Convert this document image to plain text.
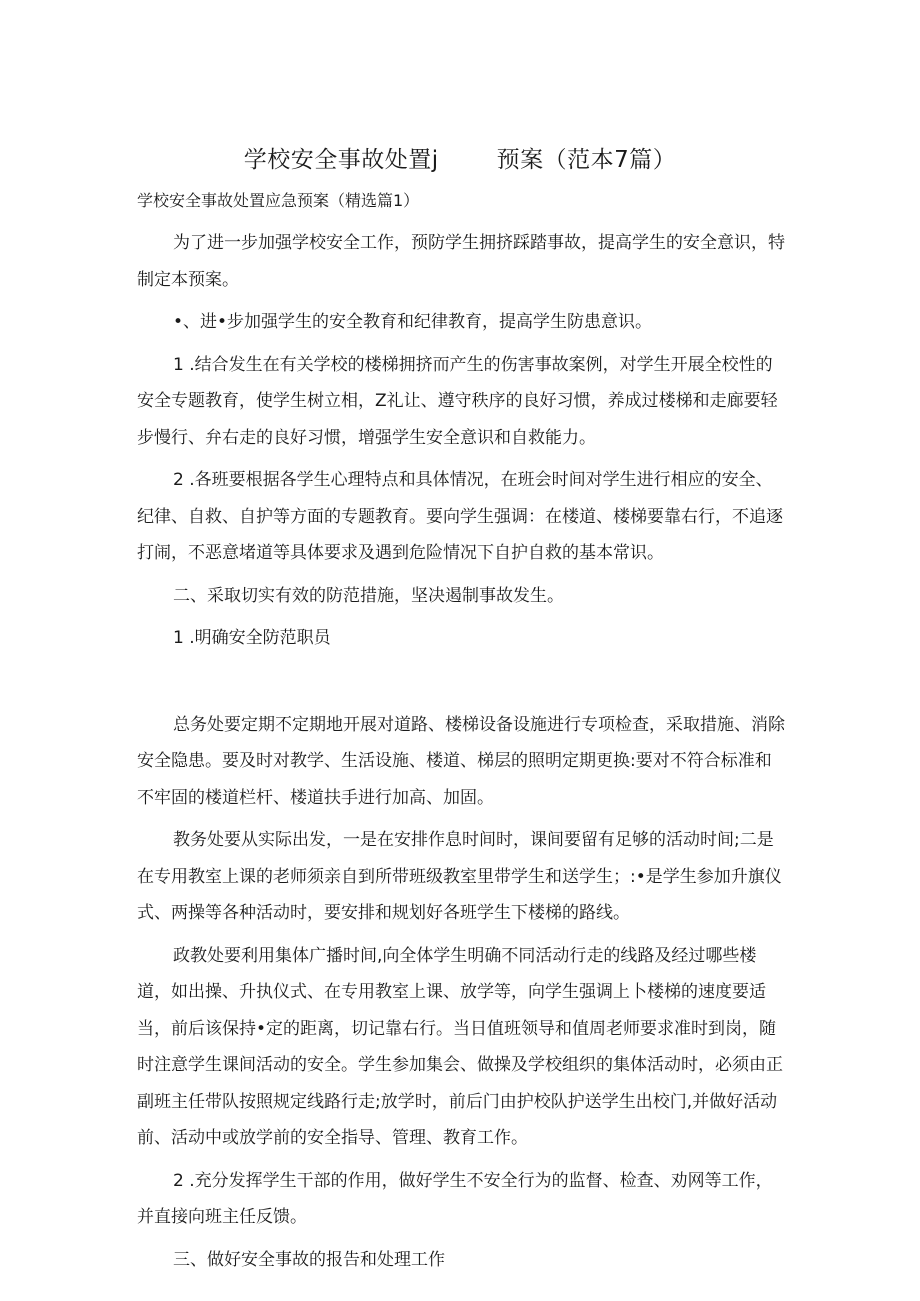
学校安全事故处置j	预案（范本7篇）
学校安全事故处置应急预案（精选篇1）

为了进一步加强学校安全工作，预防学生拥挤踩踏事故，提高学生的安全意识，特制定本预案。

•、进•步加强学生的安全教育和纪律教育，提高学生防患意识。

1 .结合发生在有关学校的楼梯拥挤而产生的伤害事故案例，对学生开展全校性的安全专题教育，使学生树立相，Z礼让、遵守秩序的良好习惯，养成过楼梯和走廊要轻步慢行、弁右走的良好习惯，增强学生安全意识和自救能力。

2 .各班要根据各学生心理特点和具体情况，在班会时间对学生进行相应的安全、纪律、自救、自护等方面的专题教育。要向学生强调：在楼道、楼梯要靠右行，不追逐打闹，不恶意堵道等具体要求及遇到危险情况下自护自救的基本常识。

二、采取切实有效的防范措施，坚决遏制事故发生。

1 .明确安全防范职员

总务处要定期不定期地开展对道路、楼梯设备设施进行专项检查，采取措施、消除安全隐患。要及时对教学、生活设施、楼道、梯层的照明定期更换:要对不符合标准和不牢固的楼道栏杆、楼道扶手进行加高、加固。

教务处要从实际出发，一是在安排作息时间时，课间要留有足够的活动时间;二是在专用教室上课的老师须亲自到所带班级教室里带学生和送学生；:•是学生参加升旗仪式、两操等各种活动时，要安排和规划好各班学生下楼梯的路线。

政教处要利用集体广播时间,向全体学生明确不同活动行走的线路及经过哪些楼道，如出操、升执仪式、在专用教室上课、放学等，向学生强调上卜楼梯的速度要适当，前后该保持•定的距离，切记靠右行。当日值班领导和值周老师要求准时到岗，随时注意学生课间活动的安全。学生参加集会、做操及学校组织的集体活动时，必须由正副班主任带队按照规定线路行走;放学时，前后门由护校队护送学生出校门,并做好活动前、活动中或放学前的安全指导、管理、教育工作。

2 .充分发挥学生干部的作用，做好学生不安全行为的监督、检查、劝网等工作，并直接向班主任反馈。

三、做好安全事故的报告和处理工作
